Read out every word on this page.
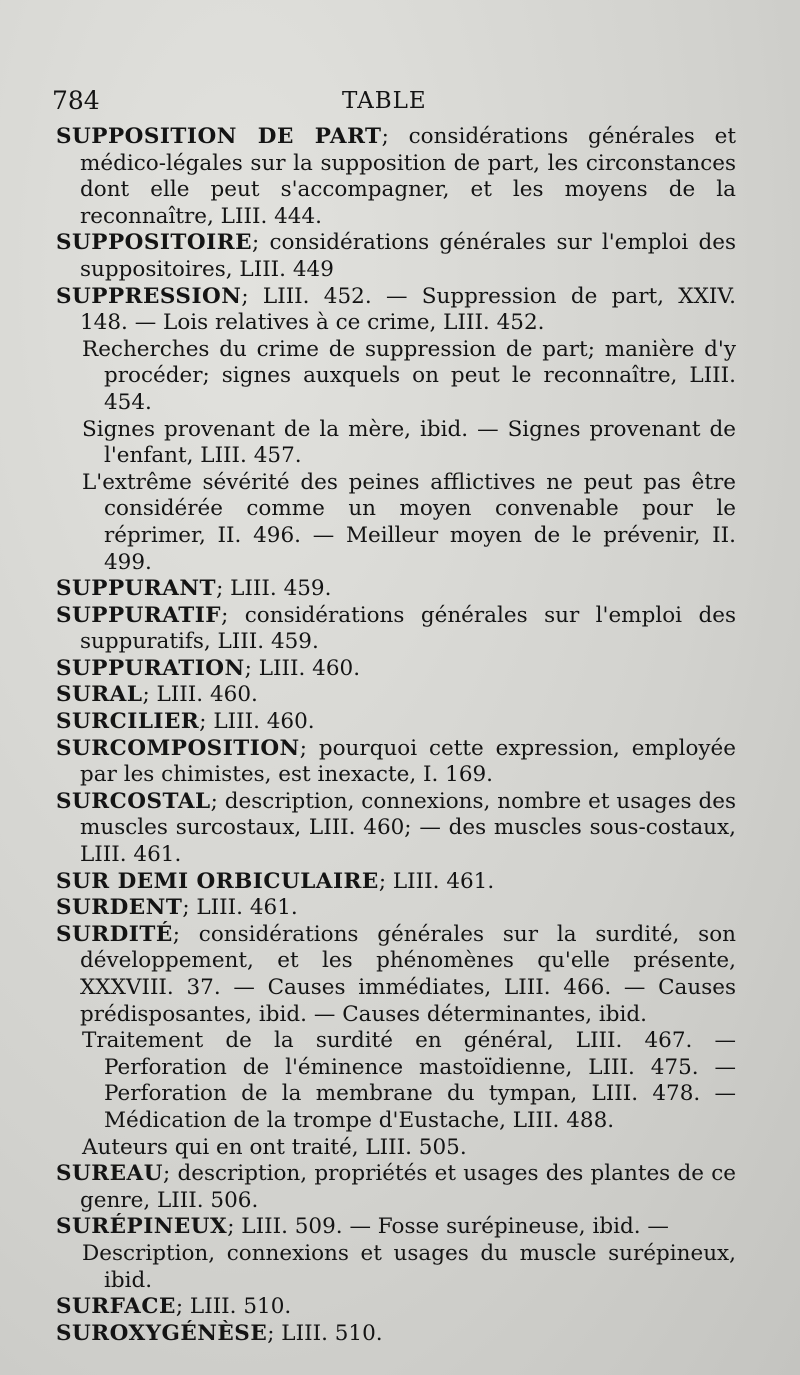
784	TABLE

SUPPOSITION DE PART; considérations générales et médico-légales sur la supposition de part, les circonstances dont elle peut s'accompagner, et les moyens de la reconnaître, LIII. 444.

SUPPOSITOIRE; considérations générales sur l'emploi des suppositoires, LIII. 449

SUPPRESSION; LIII. 452. — Suppression de part, XXIV. 148. — Lois relatives à ce crime, LIII. 452.

Recherches du crime de suppression de part; manière d'y procéder; signes auxquels on peut le reconnaître, LIII. 454.

Signes provenant de la mère, ibid. — Signes provenant de l'enfant, LIII. 457.

L'extrême sévérité des peines afflictives ne peut pas être considérée comme un moyen convenable pour le réprimer, II. 496. — Meilleur moyen de le prévenir, II. 499.

SUPPURANT; LIII. 459.

SUPPURATIF; considérations générales sur l'emploi des suppuratifs, LIII. 459.

SUPPURATION; LIII. 460.

SURAL; LIII. 460.

SURCILIER; LIII. 460.

SURCOMPOSITION; pourquoi cette expression, employée par les chimistes, est inexacte, I. 169.

SURCOSTAL; description, connexions, nombre et usages des muscles surcostaux, LIII. 460; — des muscles sous-costaux, LIII. 461.

SUR DEMI ORBICULAIRE; LIII. 461.

SURDENT; LIII. 461.

SURDITÉ; considérations générales sur la surdité, son développement, et les phénomènes qu'elle présente, XXXVIII. 37. — Causes immédiates, LIII. 466. — Causes prédisposantes, ibid. — Causes déterminantes, ibid.

Traitement de la surdité en général, LIII. 467. — Perforation de l'éminence mastoïdienne, LIII. 475. — Perforation de la membrane du tympan, LIII. 478. — Médication de la trompe d'Eustache, LIII. 488.

Auteurs qui en ont traité, LIII. 505.

SUREAU; description, propriétés et usages des plantes de ce genre, LIII. 506.

SURÉPINEUX; LIII. 509. — Fosse surépineuse, ibid. —

Description, connexions et usages du muscle surépineux, ibid.

SURFACE; LIII. 510.

SUROXYGÉNÈSE; LIII. 510.
